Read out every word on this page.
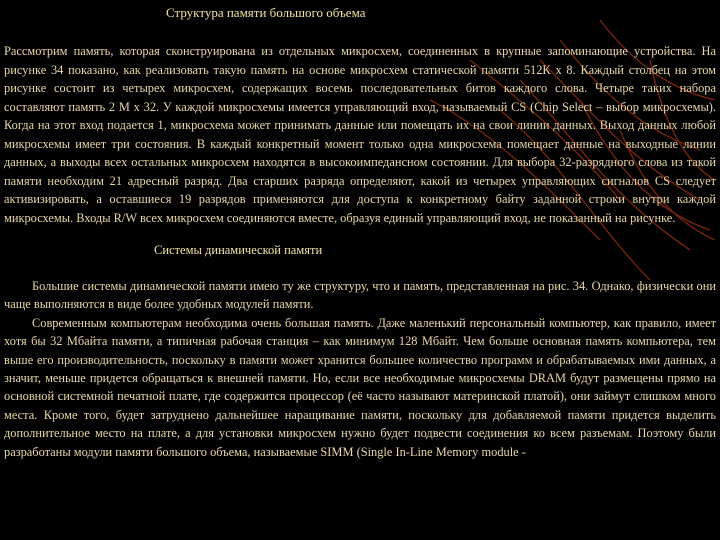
Структура памяти большого объема

Рассмотрим память, которая сконструирована из отдельных микросхем, соединенных в крупные запоминающие устройства. На рисунке 34 показано, как реализовать такую память на основе микросхем статической памяти 512К х 8. Каждый столбец на этом рисунке состоит из четырех микросхем, содержащих восемь последовательных битов каждого слова. Четыре таких набора составляют память 2 М х 32. У каждой микросхемы имеется управляющий вход, называемый CS (Chip Select – выбор микросхемы). Когда на этот вход подается 1, микросхема может принимать данные или помещать их на свои линии данных. Выход данных любой микросхемы имеет три состояния. В каждый конкретный момент только одна микросхема помещает данные на выходные линии данных, а выходы всех остальных микросхем находятся в высокоимпедансном состоянии. Для выбора 32-разрядного слова из такой памяти необходим 21 адресный разряд. Два старших разряда определяют, какой из четырех управляющих сигналов CS следует активизировать, а оставшиеся 19 разрядов применяются для доступа к конкретному байту заданной строки внутри каждой микросхемы. Входы R/W всех микросхем соединяются вместе, образуя единый управляющий вход, не показанный на рисунке.

Системы динамической памяти

Большие системы динамической памяти имею ту же структуру, что и память, представленная на рис. 34. Однако, физически они чаще выполняются в виде более удобных модулей памяти.

Современным компьютерам необходима очень большая память. Даже маленький персональный компьютер, как правило, имеет хотя бы 32 Мбайта памяти, а типичная рабочая станция – как минимум 128 Мбайт. Чем больше основная память компьютера, тем выше его производительность, поскольку в памяти может хранится большее количество программ и обрабатываемых ими данных, а значит, меньше придется обращаться к внешней памяти. Но, если все необходимые микросхемы DRAM будут размещены прямо на основной системной печатной плате, где содержится процессор (её часто называют материнской платой), они займут слишком много места. Кроме того, будет затруднено дальнейшее наращивание памяти, поскольку для добавляемой памяти придется выделить дополнительное место на плате, а для установки микросхем нужно будет подвести соединения ко всем разъемам. Поэтому были разработаны модули памяти большого объема, называемые SIMM (Single In-Line Memory module -
